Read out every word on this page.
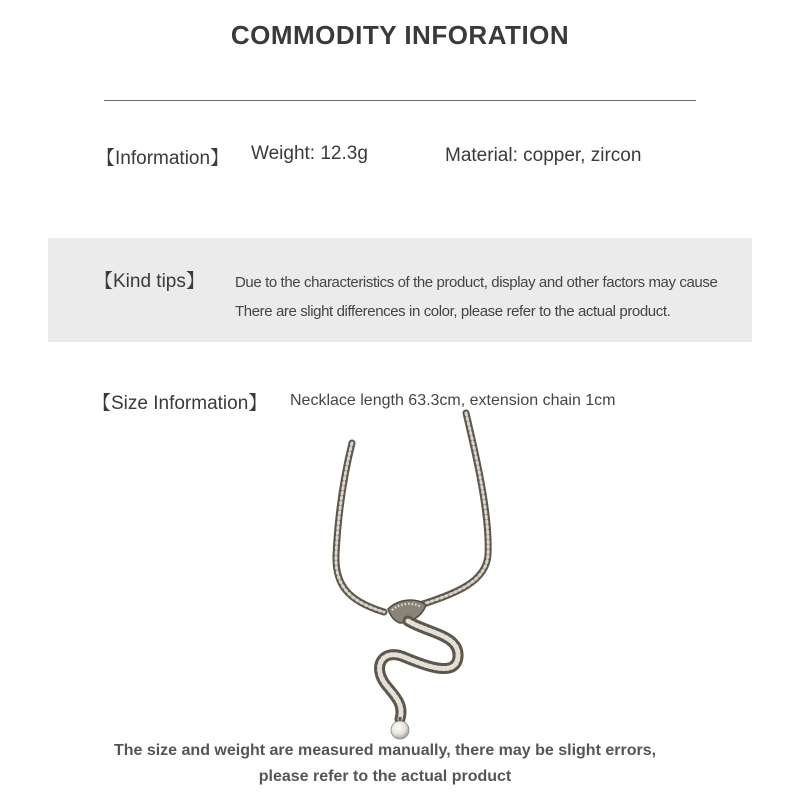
COMMODITY INFORATION
【Information】 Weight: 12.3g	Material: copper, zircon
【Kind tips】 Due to the characteristics of the product, display and other factors may cause
There are slight differences in color, please refer to the actual product.
【Size Information】 Necklace length 63.3cm, extension chain 1cm
The size and weight are measured manually, there may be slight errors,
please refer to the actual product
